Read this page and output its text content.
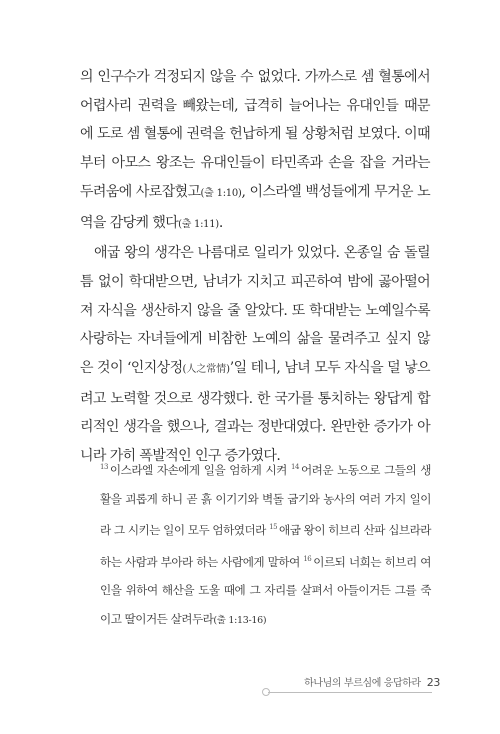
의 인구수가 걱정되지 않을 수 없었다. 가까스로 셈 혈통에서 어렵사리 권력을 빼왔는데, 급격히 늘어나는 유대인들 때문에 도로 셈 혈통에 권력을 헌납하게 될 상황처럼 보였다. 이때부터 아모스 왕조는 유대인들이 타민족과 손을 잡을 거라는 두려움에 사로잡혔고(출 1:10), 이스라엘 백성들에게 무거운 노역을 감당케 했다(출 1:11).

애굽 왕의 생각은 나름대로 일리가 있었다. 온종일 숨 돌릴 틈 없이 학대받으면, 남녀가 지치고 피곤하여 밤에 곯아떨어져 자식을 생산하지 않을 줄 알았다. 또 학대받는 노예일수록 사랑하는 자녀들에게 비참한 노예의 삶을 물려주고 싶지 않은 것이 ‘인지상정(人之常情)’일 테니, 남녀 모두 자식을 덜 낳으려고 노력할 것으로 생각했다. 한 국가를 통치하는 왕답게 합리적인 생각을 했으나, 결과는 정반대였다. 완만한 증가가 아니라 가히 폭발적인 인구 증가였다.

$^{13}$ 이스라엘 자손에게 일을 엄하게 시켜 $^{14}$ 어려운 노동으로 그들의 생활을 괴롭게 하니 곧 흙 이기기와 벽돌 굽기와 농사의 여러 가지 일이라 그 시키는 일이 모두 엄하였더라 $^{15}$ 애굽 왕이 히브리 산파 십브라라 하는 사람과 부아라 하는 사람에게 말하여 $^{16}$ 이르되 너희는 히브리 여인을 위하여 해산을 도울 때에 그 자리를 살펴서 아들이거든 그를 죽이고 딸이거든 살려두라(출 1:13-16)

하나님의 부르심에 응답하라 23
